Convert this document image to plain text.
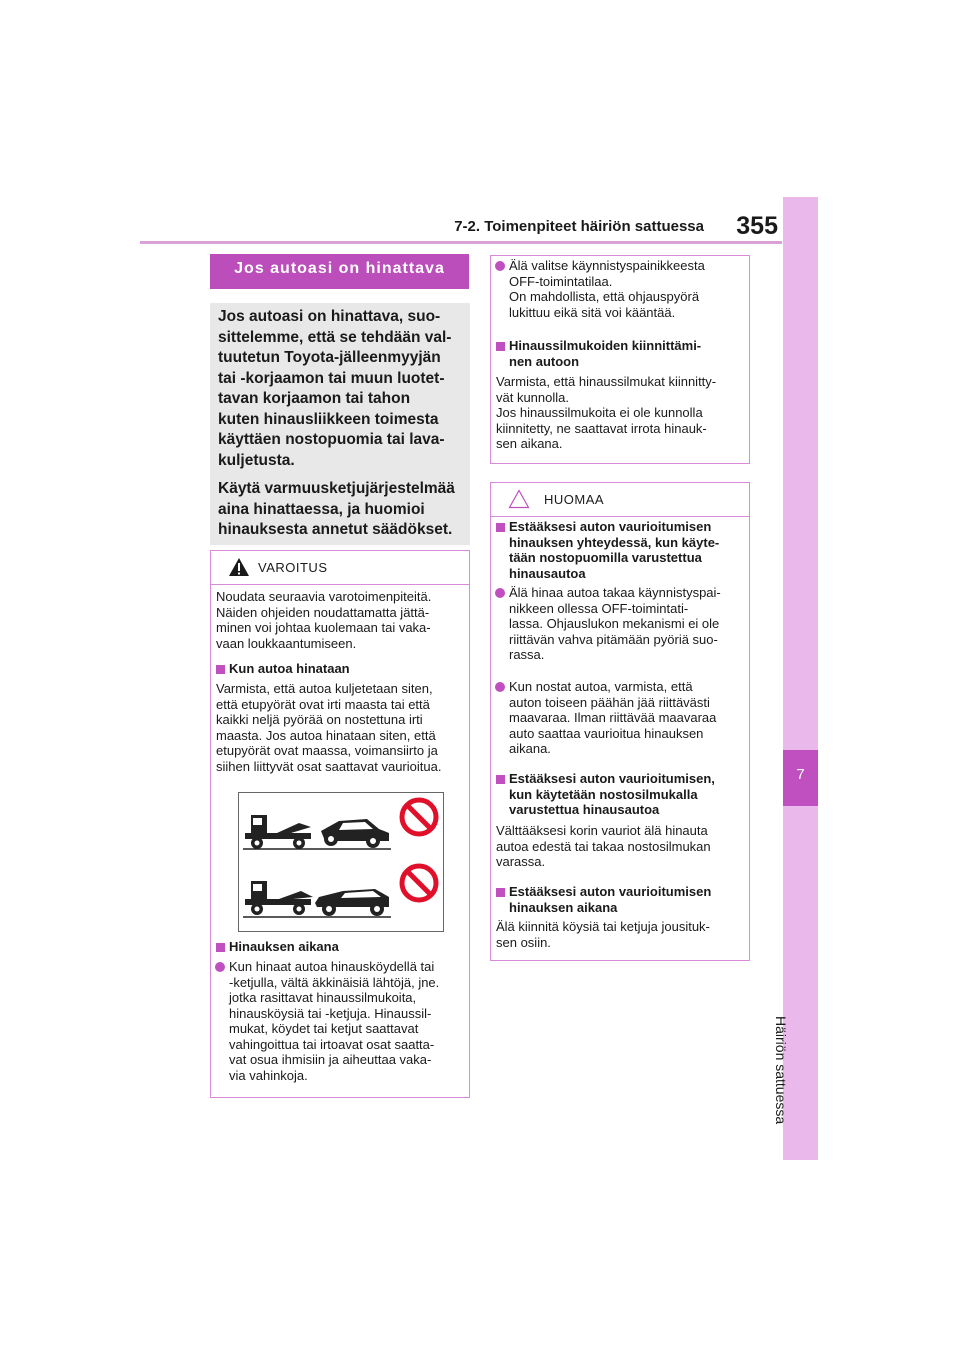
7-2. Toimenpiteet häiriön sattuessa	355
7
Häiriön sattuessa
Jos autoasi on hinattava
Jos autoasi on hinattava, suo-
sittelemme, että se tehdään val-
tuutetun Toyota-jälleenmyyjän
tai -korjaamon tai muun luotet-
tavan korjaamon tai tahon
kuten hinausliikkeen toimesta
käyttäen nostopuomia tai lava-
kuljetusta.
Käytä varmuusketjujärjestelmää
aina hinattaessa, ja huomioi
hinauksesta annetut säädökset.
VAROITUS
Noudata seuraavia varotoimenpiteitä.
Näiden ohjeiden noudattamatta jättä-
minen voi johtaa kuolemaan tai vaka-
vaan loukkaantumiseen.
Kun autoa hinataan
Varmista, että autoa kuljetetaan siten,
että etupyörät ovat irti maasta tai että
kaikki neljä pyörää on nostettuna irti
maasta. Jos autoa hinataan siten, että
etupyörät ovat maassa, voimansiirto ja
siihen liittyvät osat saattavat vaurioitua.
Hinauksen aikana
Kun hinaat autoa hinausköydellä tai
-ketjulla, vältä äkkinäisiä lähtöjä, jne.
jotka rasittavat hinaussilmukoita,
hinausköysiä tai -ketjuja. Hinaussil-
mukat, köydet tai ketjut saattavat
vahingoittua tai irtoavat osat saatta-
vat osua ihmisiin ja aiheuttaa vaka-
via vahinkoja.
Älä valitse käynnistyspainikkeesta
OFF-toimintatilaa.
On mahdollista, että ohjauspyörä
lukittuu eikä sitä voi kääntää.
Hinaussilmukoiden kiinnittämi-
nen autoon
Varmista, että hinaussilmukat kiinnitty-
vät kunnolla.
Jos hinaussilmukoita ei ole kunnolla
kiinnitetty, ne saattavat irrota hinauk-
sen aikana.
HUOMAA
Estääksesi auton vaurioitumisen
hinauksen yhteydessä, kun käyte-
tään nostopuomilla varustettua
hinausautoa
Älä hinaa autoa takaa käynnistyspai-
nikkeen ollessa OFF-toimintati-
lassa. Ohjauslukon mekanismi ei ole
riittävän vahva pitämään pyöriä suo-
rassa.
Kun nostat autoa, varmista, että
auton toiseen päähän jää riittävästi
maavaraa. Ilman riittävää maavaraa
auto saattaa vaurioitua hinauksen
aikana.
Estääksesi auton vaurioitumisen,
kun käytetään nostosilmukalla
varustettua hinausautoa
Välttääksesi korin vauriot älä hinauta
autoa edestä tai takaa nostosilmukan
varassa.
Estääksesi auton vaurioitumisen
hinauksen aikana
Älä kiinnitä köysiä tai ketjuja jousituk-
sen osiin.
